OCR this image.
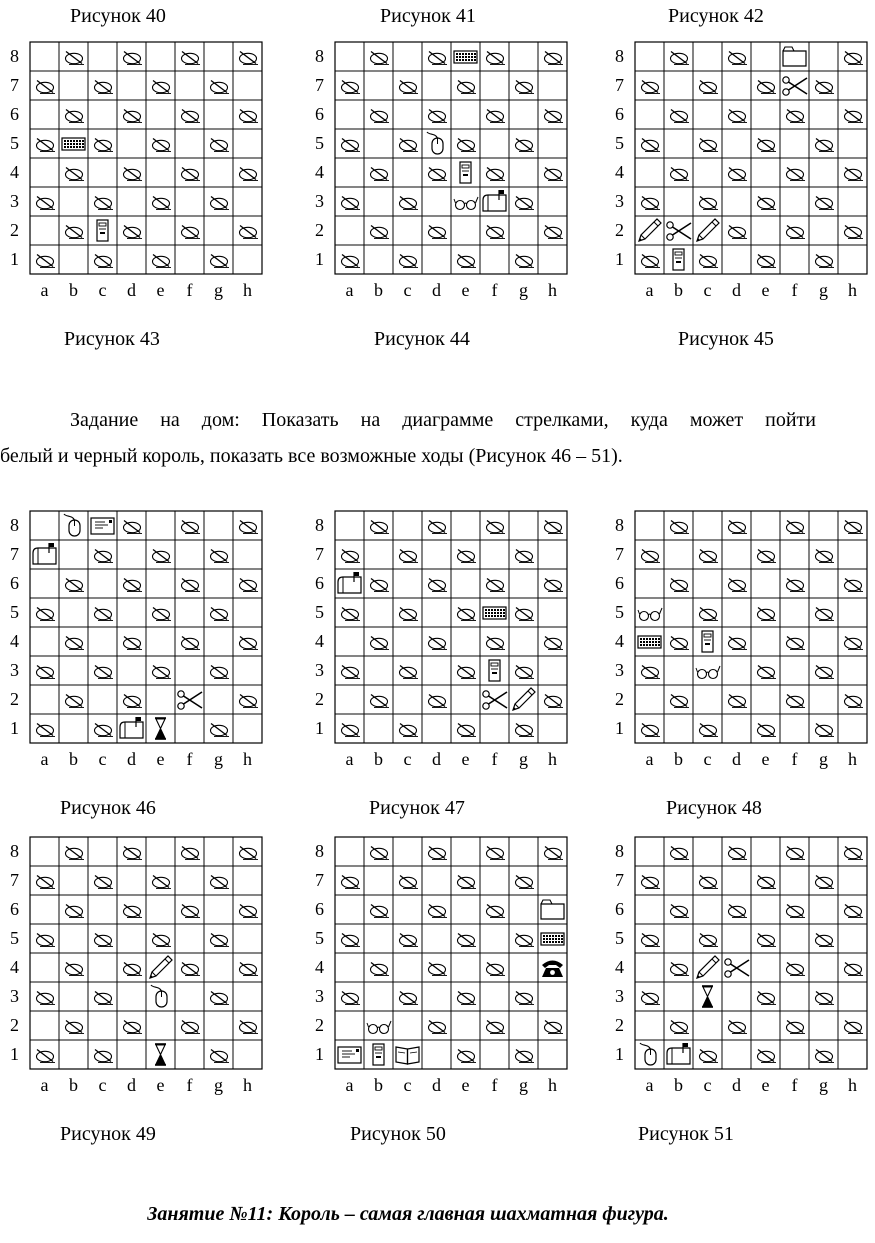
Рисунок 40	Рисунок 41	Рисунок 42
8
7
6
5
4
3
2
1
a b c d e f g h
8
7
6
5
4
3
2
1
a b c d e f g h
8
7
6
5
4
3
2
1
a b c d e f g h
Рисунок 43	Рисунок 44	Рисунок 45
Задание на дом: Показать на диаграмме стрелками, куда может пойти
белый и черный король, показать все возможные ходы (Рисунок 46 – 51).
8
7
6
5
4
3
2
1
a b c d e f g h
8
7
6
5
4
3
2
1
a b c d e f g h
8
7
6
5
4
3
2
1
a b c d e f g h
Рисунок 46	Рисунок 47	Рисунок 48
8
7
6
5
4
3
2
1
a b c d e f g h
8
7
6
5
4
3
2
1
a b c d e f g h
8
7
6
5
4
3
2
1
a b c d e f g h
Рисунок 49	Рисунок 50	Рисунок 51
Занятие №11: Король – самая главная шахматная фигура.
